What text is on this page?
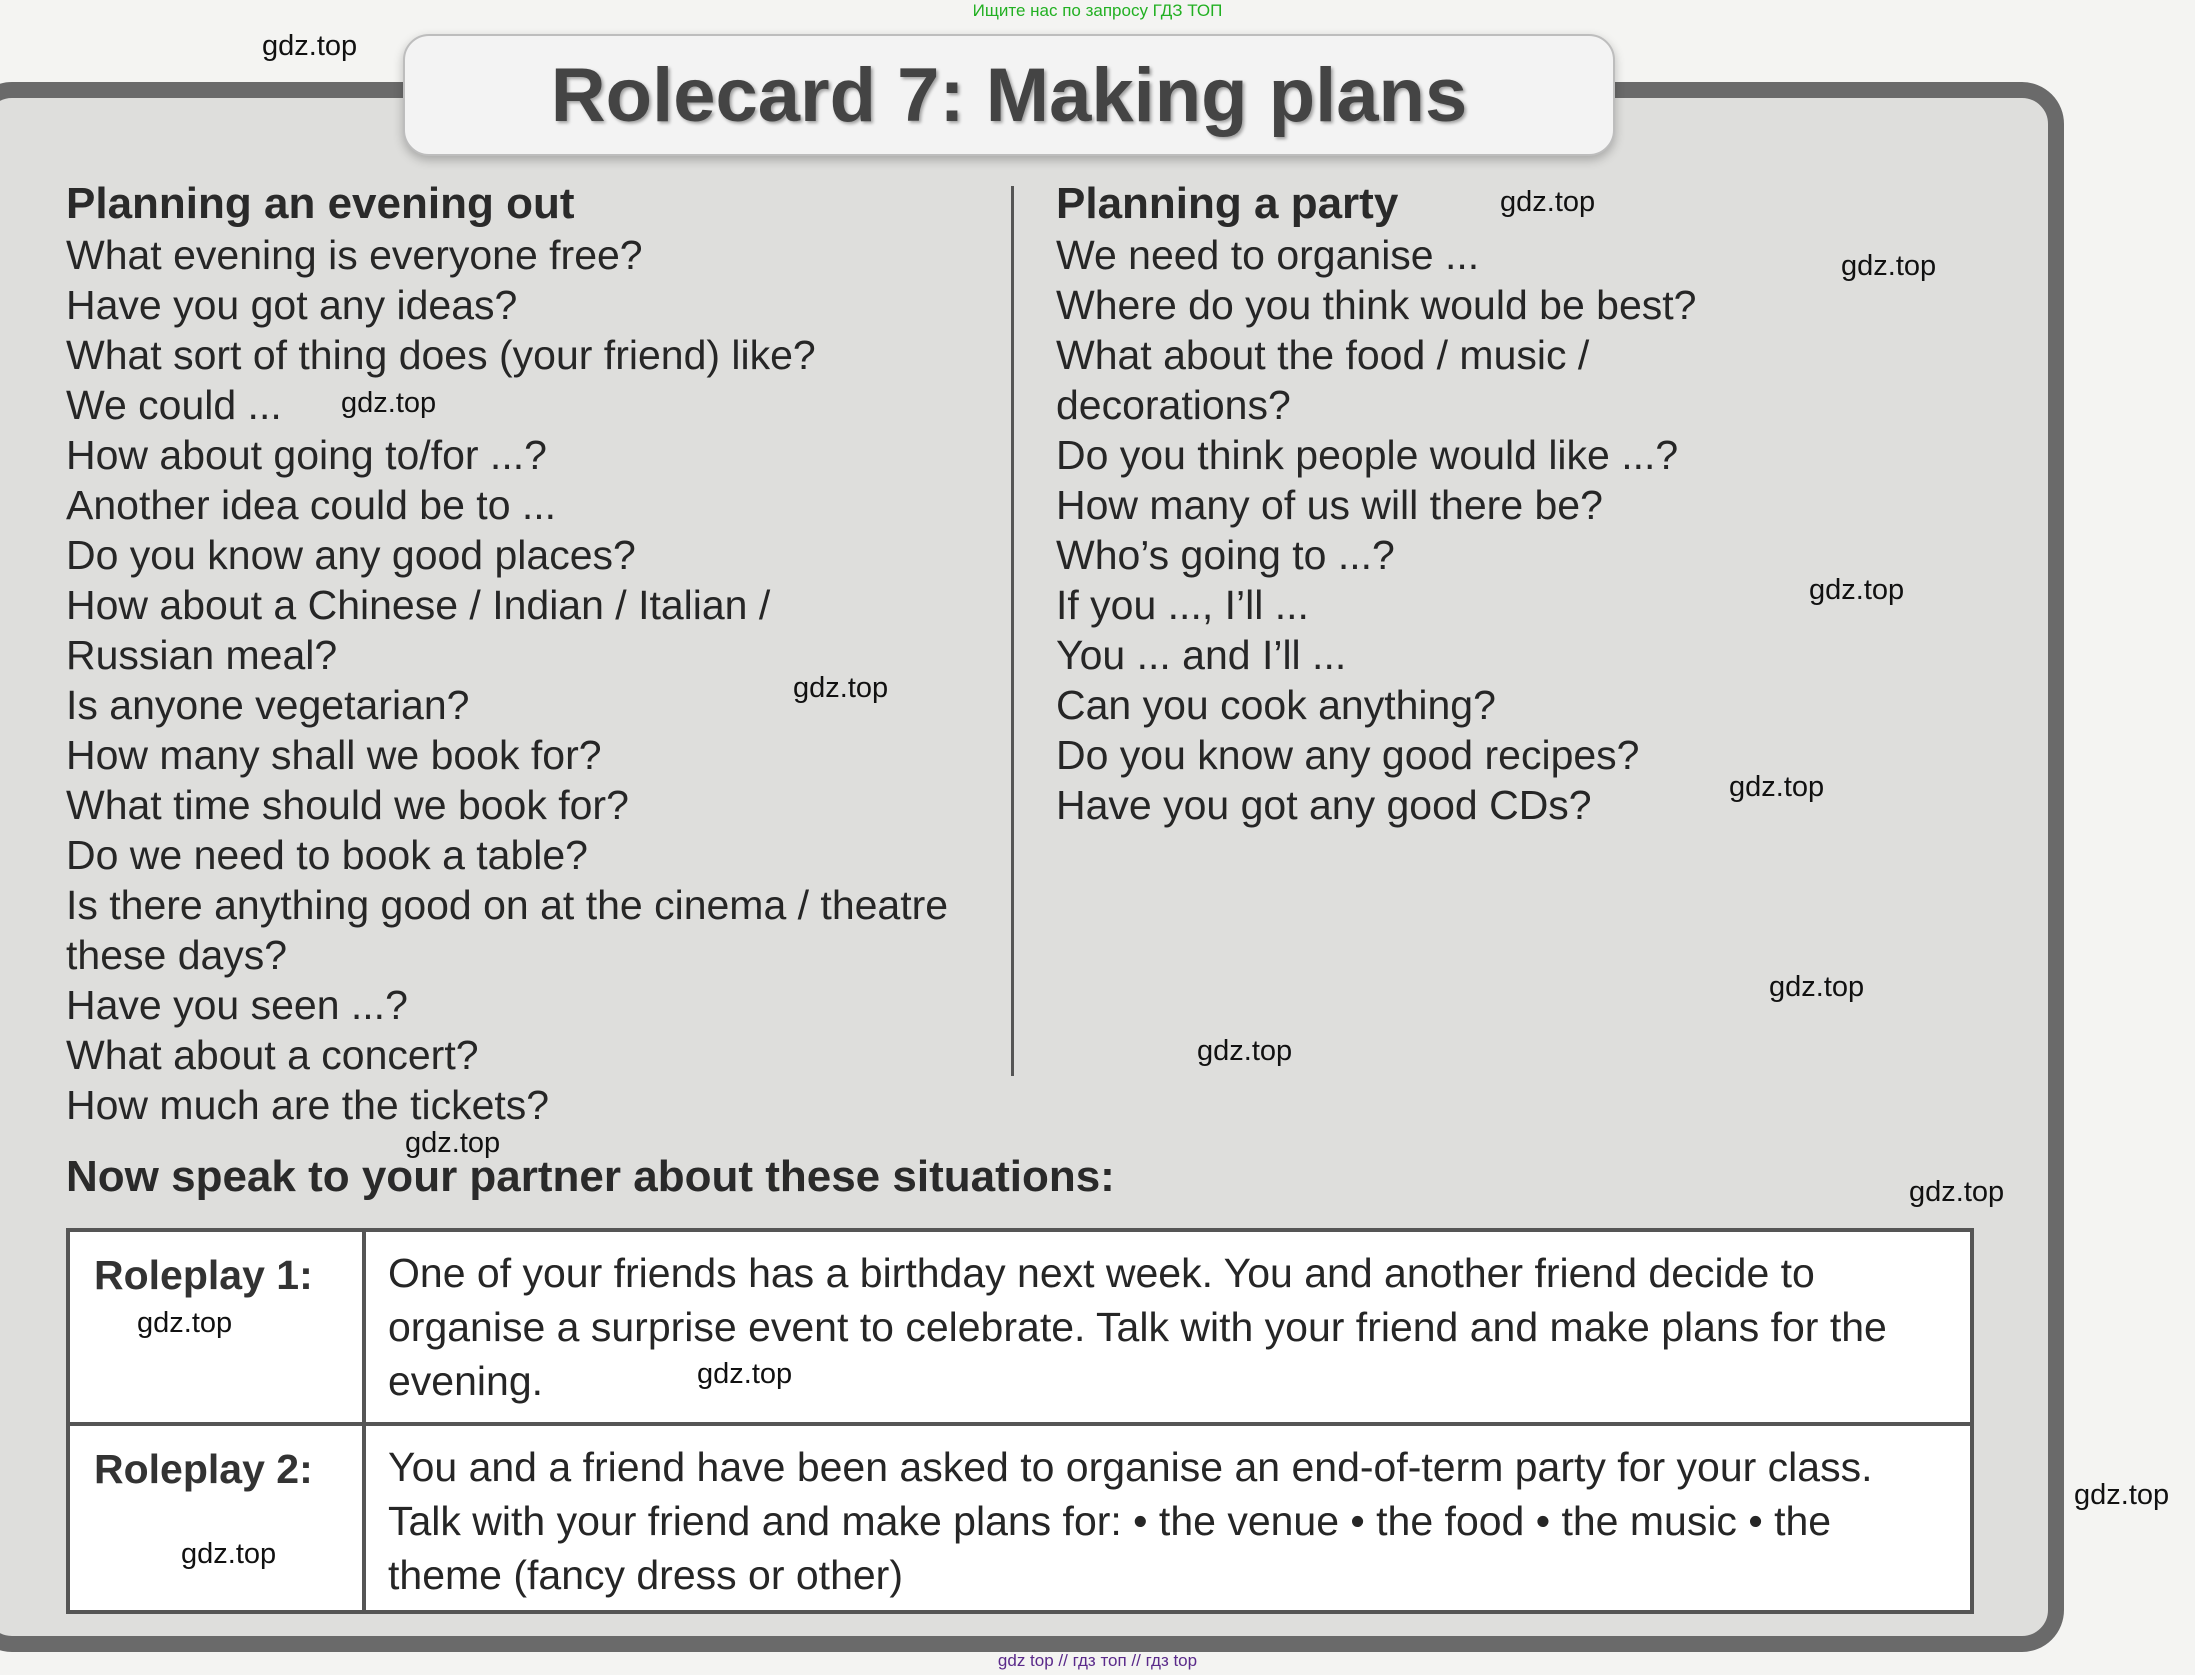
Ищите нас по запросу ГДЗ ТОП
Rolecard 7: Making plans
Planning an evening out
What evening is everyone free?
Have you got any ideas?
What sort of thing does (your friend) like?
We could ...
How about going to/for ...?
Another idea could be to ...
Do you know any good places?
How about a Chinese / Indian / Italian /
Russian meal?
Is anyone vegetarian?
How many shall we book for?
What time should we book for?
Do we need to book a table?
Is there anything good on at the cinema / theatre
these days?
Have you seen ...?
What about a concert?
How much are the tickets?
Planning a party
We need to organise ...
Where do you think would be best?
What about the food / music /
decorations?
Do you think people would like ...?
How many of us will there be?
Who’s going to ...?
If you ..., I’ll ...
You ... and I’ll ...
Can you cook anything?
Do you know any good recipes?
Have you got any good CDs?
Now speak to your partner about these situations:
Roleplay 1:	One of your friends has a birthday next week. You and another friend decide to organise a surprise event to celebrate. Talk with your friend and make plans for the evening.
Roleplay 2:	You and a friend have been asked to organise an end-of-term party for your class. Talk with your friend and make plans for: • the venue • the food • the music • the theme (fancy dress or other)
gdz.top
gdz.top
gdz.top
gdz.top
gdz.top
gdz.top
gdz.top
gdz.top
gdz.top
gdz.top
gdz.top
gdz.top
gdz.top
gdz.top
gdz.top
gdz top // гдз топ // гдз top
